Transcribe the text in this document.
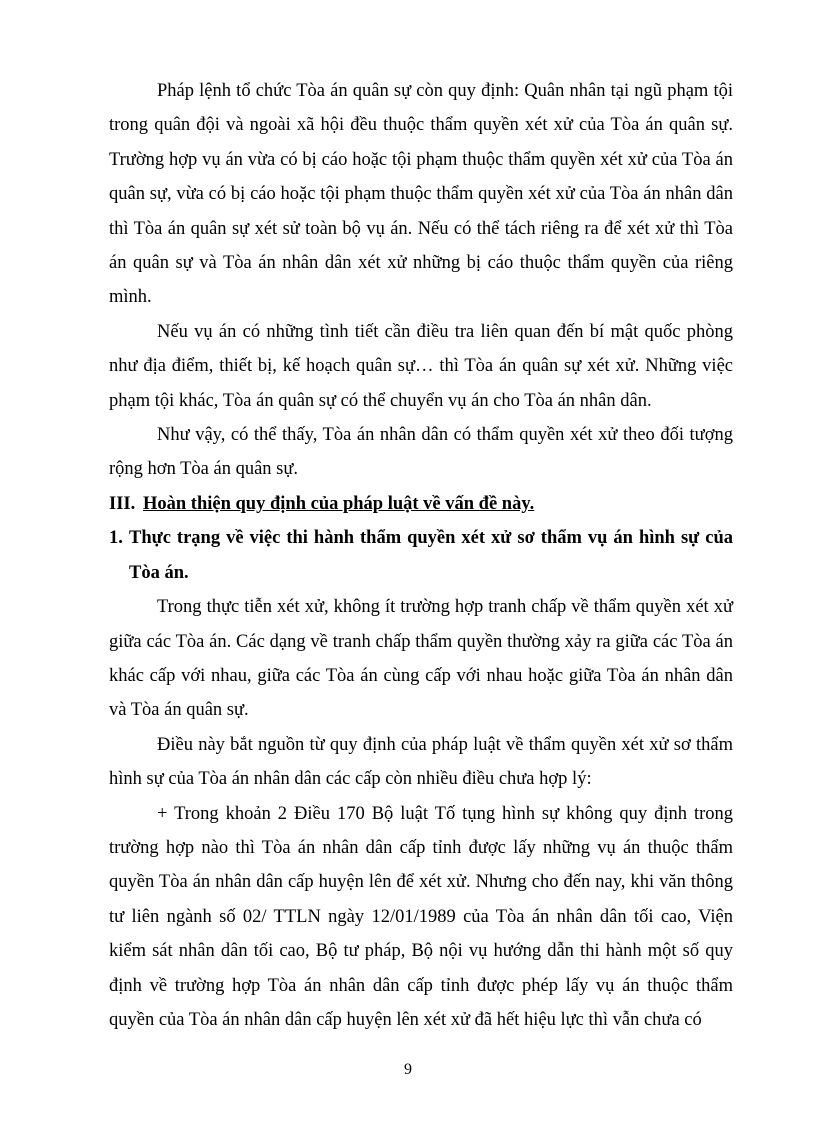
Pháp lệnh tổ chức Tòa án quân sự còn quy định: Quân nhân tại ngũ phạm tội trong quân đội và ngoài xã hội đều thuộc thẩm quyền xét xử của Tòa án quân sự. Trường hợp vụ án vừa có bị cáo hoặc tội phạm thuộc thẩm quyền xét xử của Tòa án quân sự, vừa có bị cáo hoặc tội phạm thuộc thẩm quyền xét xử của Tòa án nhân dân thì Tòa án quân sự xét sử toàn bộ vụ án. Nếu có thể tách riêng ra để xét xử thì Tòa án quân sự và Tòa án nhân dân xét xử những bị cáo thuộc thẩm quyền của riêng mình.

Nếu vụ án có những tình tiết cần điều tra liên quan đến bí mật quốc phòng như địa điểm, thiết bị, kế hoạch quân sự… thì Tòa án quân sự xét xử. Những việc phạm tội khác, Tòa án quân sự có thể chuyển vụ án cho Tòa án nhân dân.

Như vậy, có thể thấy, Tòa án nhân dân có thẩm quyền xét xử theo đối tượng rộng hơn Tòa án quân sự.

III. Hoàn thiện quy định của pháp luật về vấn đề này.

1. Thực trạng về việc thi hành thẩm quyền xét xử sơ thẩm vụ án hình sự của Tòa án.

Trong thực tiễn xét xử, không ít trường hợp tranh chấp về thẩm quyền xét xử giữa các Tòa án. Các dạng về tranh chấp thẩm quyền thường xảy ra giữa các Tòa án khác cấp với nhau, giữa các Tòa án cùng cấp với nhau hoặc giữa Tòa án nhân dân và Tòa án quân sự.

Điều này bắt nguồn từ quy định của pháp luật về thẩm quyền xét xử sơ thẩm hình sự của Tòa án nhân dân các cấp còn nhiều điều chưa hợp lý:

+ Trong khoản 2 Điều 170 Bộ luật Tố tụng hình sự không quy định trong trường hợp nào thì Tòa án nhân dân cấp tỉnh được lấy những vụ án thuộc thẩm quyền Tòa án nhân dân cấp huyện lên để xét xử. Nhưng cho đến nay, khi văn thông tư liên ngành số 02/ TTLN ngày 12/01/1989 của Tòa án nhân dân tối cao, Viện kiểm sát nhân dân tối cao, Bộ tư pháp, Bộ nội vụ hướng dẫn thi hành một số quy định về trường hợp Tòa án nhân dân cấp tỉnh được phép lấy vụ án thuộc thẩm quyền của Tòa án nhân dân cấp huyện lên xét xử đã hết hiệu lực thì vẫn chưa có

9
